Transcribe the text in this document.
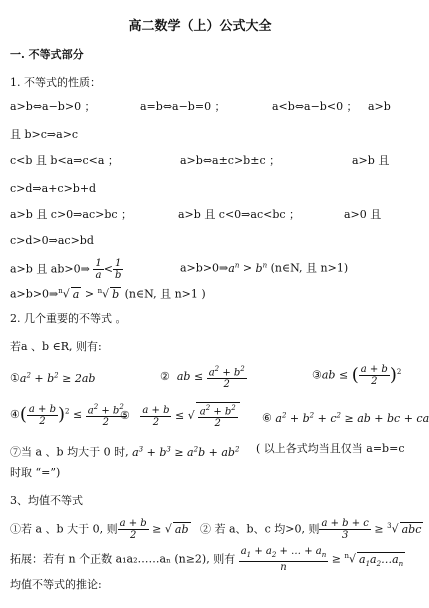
高二数学（上）公式大全
一. 不等式部分
1. 不等式的性质：
a>b⇔a−b>0 ；	a=b⇔a−b=0 ；	a<b⇔a−b<0 ； a>b
且 b>c⇒a>c
c<b 且 b<a⇒c<a ；	a>b⇔a±c>b±c ；	a>b 且
c>d⇒a+c>b+d
a>b 且 c>0⇒ac>bc ；	a>b 且 c<0⇒ac<bc ；	a>0 且
c>d>0⇒ac>bd
a>b 且 ab>0⇒ $\frac{1}{a} < \frac{1}{b}$	$a>b>0\Rightarrow a^n > b^n$ (n∈N, 且 n>1)
a>b>0⇒$^n$√ a > $^n$√ b (n∈N, 且 n>1 )
2. 几个重要的不等式 。
若a 、b ∈R, 则有:
$①a^2 + b^2 \ge 2ab$	② ab ≤ $\frac{a^2 + b^2}{2}$	③ab ≤ ( $\frac{a + b}{2} )^2$
④( $\frac{a + b}{2} )^2 \le \frac{a^2 + b^2}{2}$
⑤ $\frac{a + b}{2}$ ≤ √ $\frac{a^2 + b^2}{2}$ ⑥ $a^2 + b^2 + c^2$ ≥ ab + bc + ca
⑦当 a 、b 均大于 0 时, $a^3 + b^3 \ge a^2b + ab^2$ ( 以上各式均当且仅当 a=b=c
时取 “=”)
3、均值不等式
①若 a 、b 大于 0, 则 $\frac{a + b}{2}$ ≥ √ ab ② 若 a、b、c 均>0, 则 $\frac{a + b + c}{3} \ge ^3√$ abc
拓展：若有 n 个正数 a₁a₂……aₙ (n≥2), 则有 $\frac{a_1 + a_2 + \dots + a_n}{n} \ge ^n√$ $a_1a_2\dots a_n$
均值不等式的推论:
